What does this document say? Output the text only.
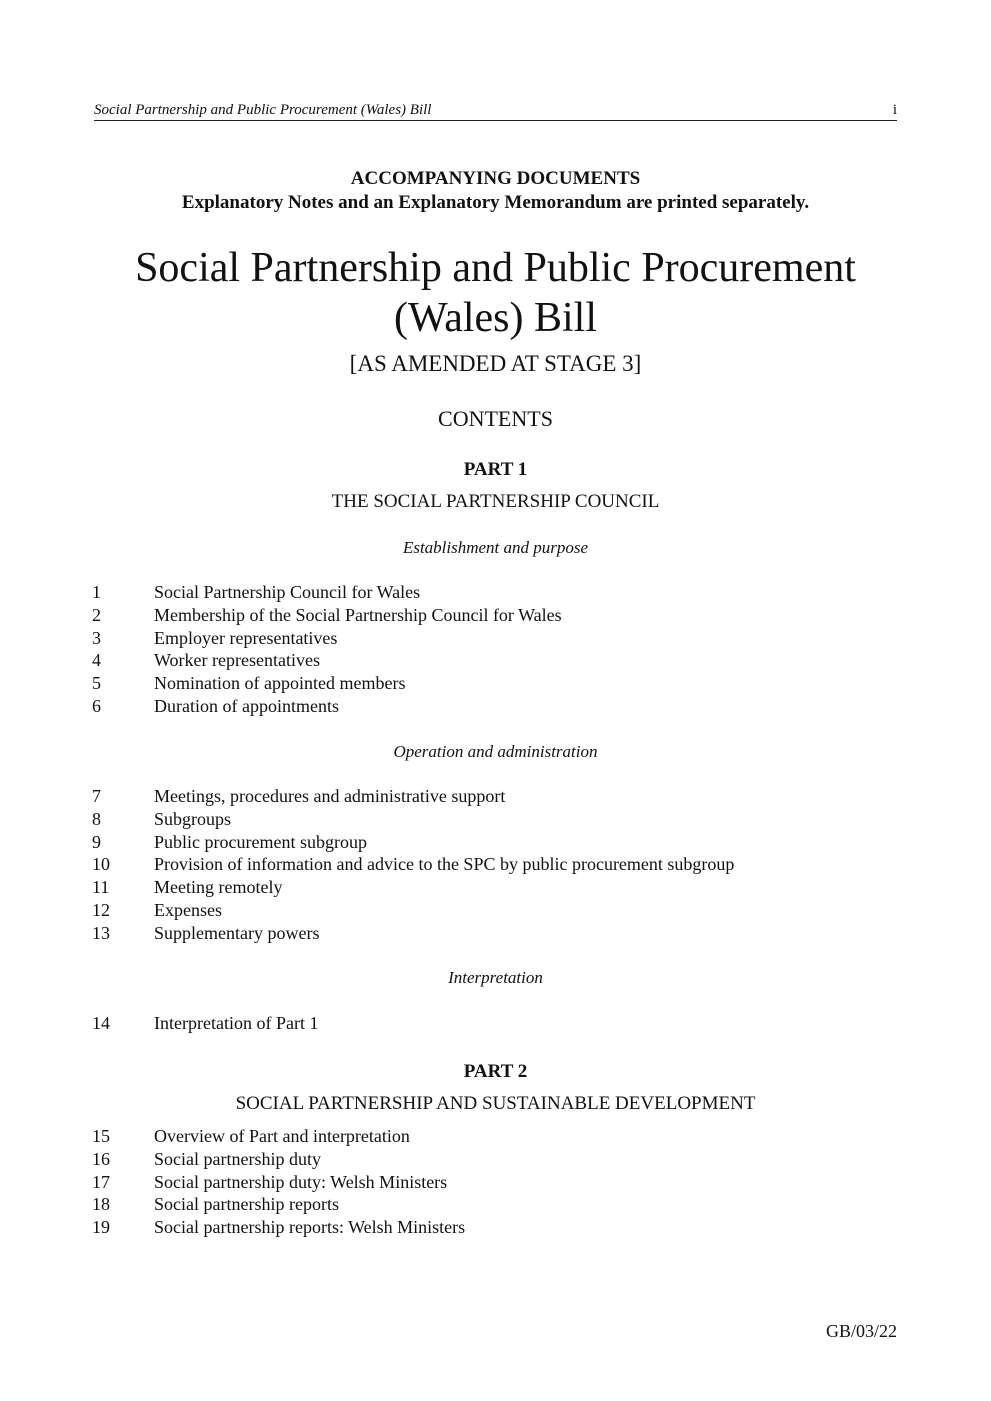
Social Partnership and Public Procurement (Wales) Bill	i
ACCOMPANYING DOCUMENTS
Explanatory Notes and an Explanatory Memorandum are printed separately.
Social Partnership and Public Procurement
(Wales) Bill
[AS AMENDED AT STAGE 3]
CONTENTS
PART 1
THE SOCIAL PARTNERSHIP COUNCIL
Establishment and purpose
1	Social Partnership Council for Wales
2	Membership of the Social Partnership Council for Wales
3	Employer representatives
4	Worker representatives
5	Nomination of appointed members
6	Duration of appointments
Operation and administration
7	Meetings, procedures and administrative support
8	Subgroups
9	Public procurement subgroup
10	Provision of information and advice to the SPC by public procurement subgroup
11	Meeting remotely
12	Expenses
13	Supplementary powers
Interpretation
14	Interpretation of Part 1
PART 2
SOCIAL PARTNERSHIP AND SUSTAINABLE DEVELOPMENT
15	Overview of Part and interpretation
16	Social partnership duty
17	Social partnership duty: Welsh Ministers
18	Social partnership reports
19	Social partnership reports: Welsh Ministers
GB/03/22
